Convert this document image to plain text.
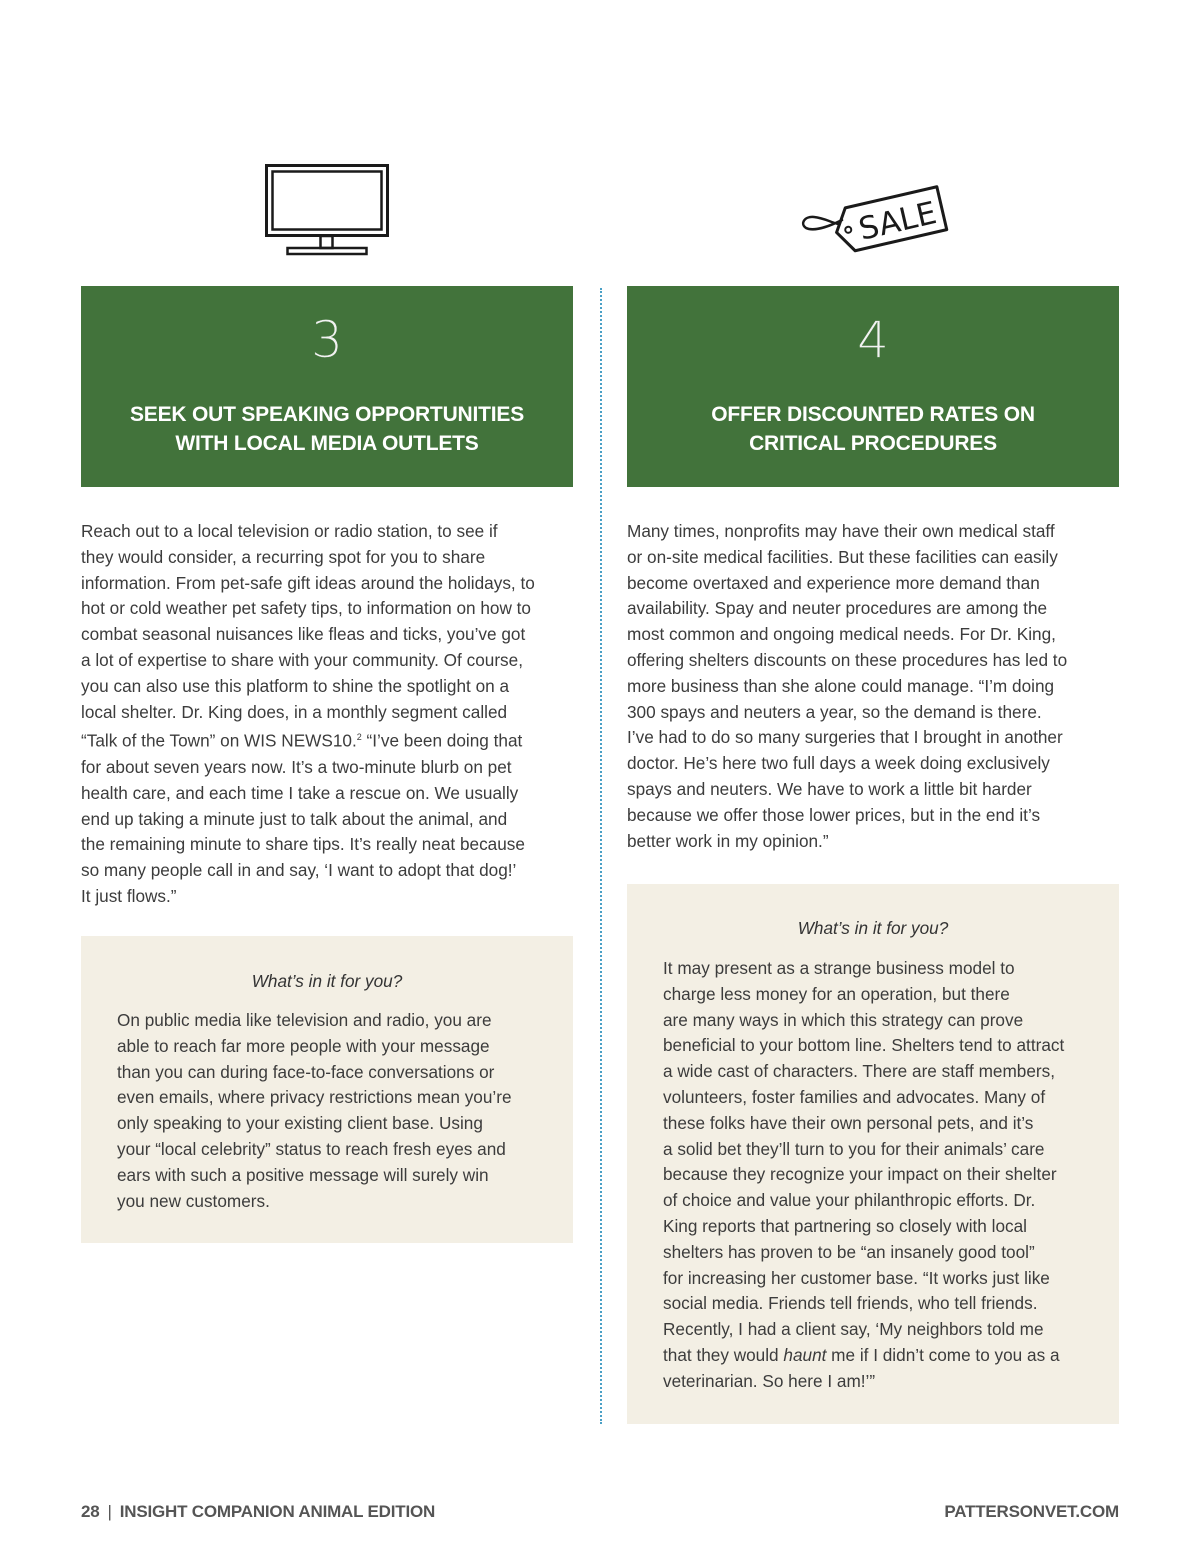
3
SEEK OUT SPEAKING OPPORTUNITIES
WITH LOCAL MEDIA OUTLETS

Reach out to a local television or radio station, to see if
they would consider, a recurring spot for you to share
information. From pet-safe gift ideas around the holidays, to
hot or cold weather pet safety tips, to information on how to
combat seasonal nuisances like fleas and ticks, you’ve got
a lot of expertise to share with your community. Of course,
you can also use this platform to shine the spotlight on a
local shelter. Dr. King does, in a monthly segment called
“Talk of the Town” on WIS NEWS10.$^2$ “I’ve been doing that
for about seven years now. It’s a two-minute blurb on pet
health care, and each time I take a rescue on. We usually
end up taking a minute just to talk about the animal, and
the remaining minute to share tips. It’s really neat because
so many people call in and say, ‘I want to adopt that dog!’
It just flows.”

What’s in it for you?
On public media like television and radio, you are
able to reach far more people with your message
than you can during face-to-face conversations or
even emails, where privacy restrictions mean you’re
only speaking to your existing client base. Using
your “local celebrity” status to reach fresh eyes and
ears with such a positive message will surely win
you new customers.
SALE
4
OFFER DISCOUNTED RATES ON
CRITICAL PROCEDURES

Many times, nonprofits may have their own medical staff
or on-site medical facilities. But these facilities can easily
become overtaxed and experience more demand than
availability. Spay and neuter procedures are among the
most common and ongoing medical needs. For Dr. King,
offering shelters discounts on these procedures has led to
more business than she alone could manage. “I’m doing
300 spays and neuters a year, so the demand is there.
I’ve had to do so many surgeries that I brought in another
doctor. He’s here two full days a week doing exclusively
spays and neuters. We have to work a little bit harder
because we offer those lower prices, but in the end it’s
better work in my opinion.”

What’s in it for you?
It may present as a strange business model to
charge less money for an operation, but there
are many ways in which this strategy can prove
beneficial to your bottom line. Shelters tend to attract
a wide cast of characters. There are staff members,
volunteers, foster families and advocates. Many of
these folks have their own personal pets, and it’s
a solid bet they’ll turn to you for their animals’ care
because they recognize your impact on their shelter
of choice and value your philanthropic efforts. Dr.
King reports that partnering so closely with local
shelters has proven to be “an insanely good tool”
for increasing her customer base. “It works just like
social media. Friends tell friends, who tell friends.
Recently, I had a client say, ‘My neighbors told me
that they would haunt me if I didn’t come to you as a
veterinarian. So here I am!’”
28 | INSIGHT COMPANION ANIMAL EDITION	PATTERSONVET.COM
